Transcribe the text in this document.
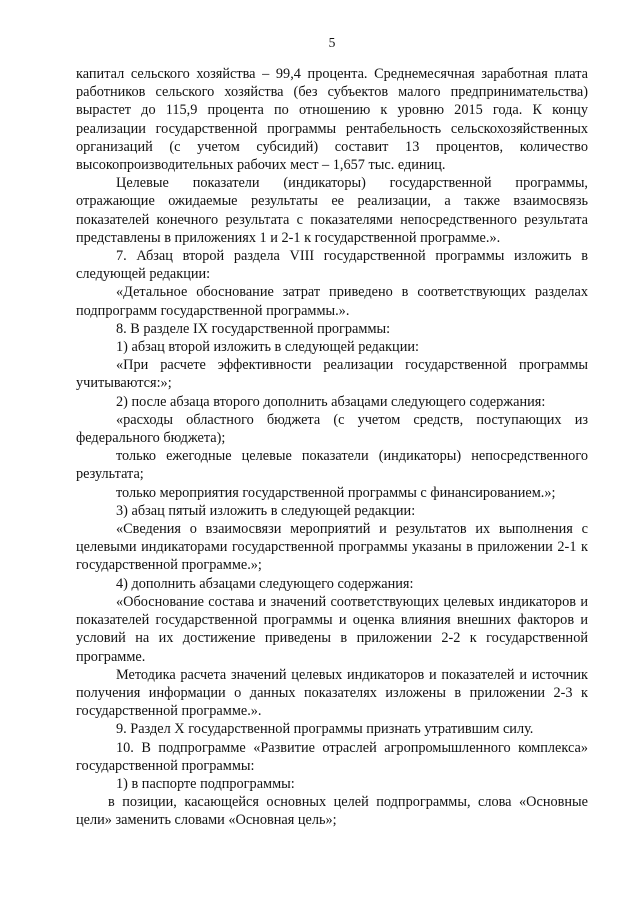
5

капитал сельского хозяйства – 99,4 процента. Среднемесячная заработная плата работников сельского хозяйства (без субъектов малого предпринимательства) вырастет до 115,9 процента по отношению к уровню 2015 года. К концу реализации государственной программы рентабельность сельскохозяйственных организаций (с учетом субсидий) составит 13 процентов, количество высокопроизводительных рабочих мест – 1,657 тыс. единиц.

Целевые показатели (индикаторы) государственной программы, отражающие ожидаемые результаты ее реализации, а также взаимосвязь показателей конечного результата с показателями непосредственного результата представлены в приложениях 1 и 2-1 к государственной программе.».

7. Абзац второй раздела VIII государственной программы изложить в следующей редакции:

«Детальное обоснование затрат приведено в соответствующих разделах подпрограмм государственной программы.».

8. В разделе IX государственной программы:

1) абзац второй изложить в следующей редакции:

«При расчете эффективности реализации государственной программы учитываются:»;

2) после абзаца второго дополнить абзацами следующего содержания:

«расходы областного бюджета (с учетом средств, поступающих из федерального бюджета);

только ежегодные целевые показатели (индикаторы) непосредственного результата;

только мероприятия государственной программы с финансированием.»;

3) абзац пятый изложить в следующей редакции:

«Сведения о взаимосвязи мероприятий и результатов их выполнения с целевыми индикаторами государственной программы указаны в приложении 2-1 к государственной программе.»;

4) дополнить абзацами следующего содержания:

«Обоснование состава и значений соответствующих целевых индикаторов и показателей государственной программы и оценка влияния внешних факторов и условий на их достижение приведены в приложении 2-2 к государственной программе.

Методика расчета значений целевых индикаторов и показателей и источник получения информации о данных показателях изложены в приложении 2-3 к государственной программе.».

9. Раздел X государственной программы признать утратившим силу.

10. В подпрограмме «Развитие отраслей агропромышленного комплекса» государственной программы:

1) в паспорте подпрограммы:

в позиции, касающейся основных целей подпрограммы, слова «Основные цели» заменить словами «Основная цель»;
